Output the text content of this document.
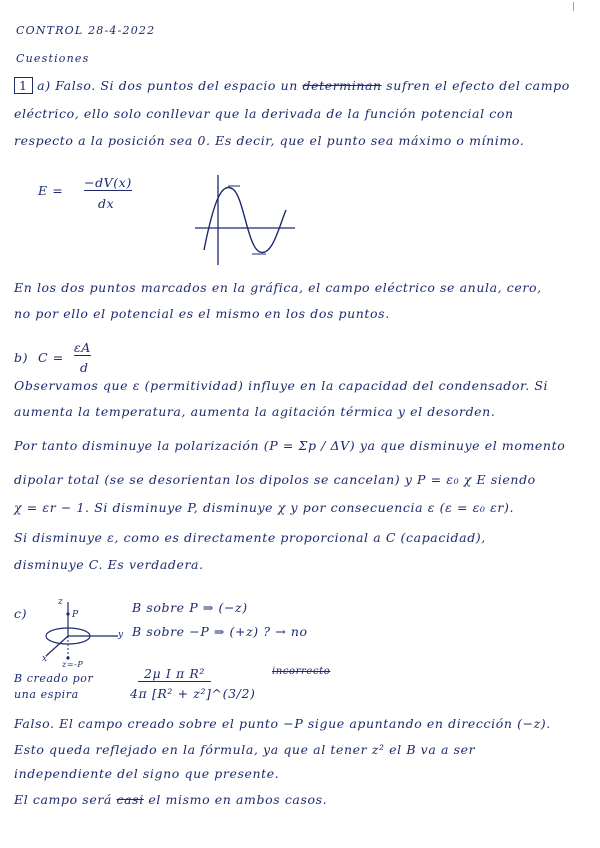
CONTROL 28-4-2022
Cuestiones
|
1 a) Falso. Si dos puntos del espacio un determinan sufren el efecto del campo
eléctrico, ello solo conllevar que la derivada de la función potencial con
respecto a la posición sea 0. Es decir, que el punto sea máximo o mínimo.
E =
−dV(x)
dx
En los dos puntos marcados en la gráfica, el campo eléctrico se anula, cero,
no por ello el potencial es el mismo en los dos puntos.
b) C =
εA
d
Observamos que ε (permitividad) influye en la capacidad del condensador. Si
aumenta la temperatura, aumenta la agitación térmica y el desorden.
Por tanto disminuye la polarización (P = Σp / ΔV) ya que disminuye el momento
dipolar total (se se desorientan los dipolos se cancelan) y P = ε₀ χ E siendo
χ = εr − 1. Si disminuye P, disminuye χ y por consecuencia ε (ε = ε₀ εr).
Si disminuye ε, como es directamente proporcional a C (capacidad),
disminuye C. Es verdadera.
c)
z
y
x
P
z=-P
B sobre P ⇒ (−z)
B sobre −P ⇒ (+z) ? → no
B creado por
una espira
2μ I π R²
4π [R² + z²]^(3/2)
incorrecto
Falso. El campo creado sobre el punto −P sigue apuntando en dirección (−z).
Esto queda reflejado en la fórmula, ya que al tener z² el B va a ser
independiente del signo que presente.
El campo será casi el mismo en ambos casos.
